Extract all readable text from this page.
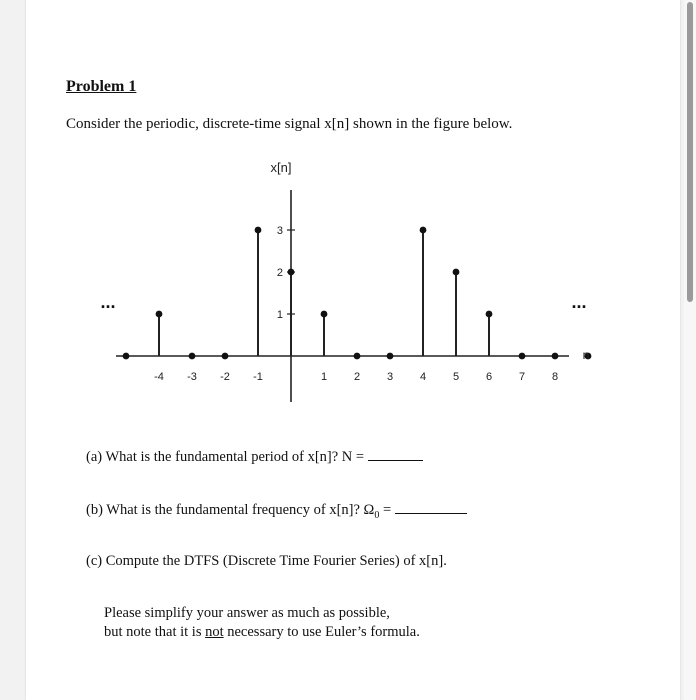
Problem 1
Consider the periodic, discrete-time signal x[n] shown in the figure below.
1
2
3
-4 -3 -2 -1	1 2 3 4 5 6 7 8
x[n]
n
...	...
(a) What is the fundamental period of x[n]? N =
(b) What is the fundamental frequency of x[n]? $\Omega_0$ =
(c) Compute the DTFS (Discrete Time Fourier Series) of x[n].
Please simplify your answer as much as possible,
but note that it is not necessary to use Euler’s formula.
